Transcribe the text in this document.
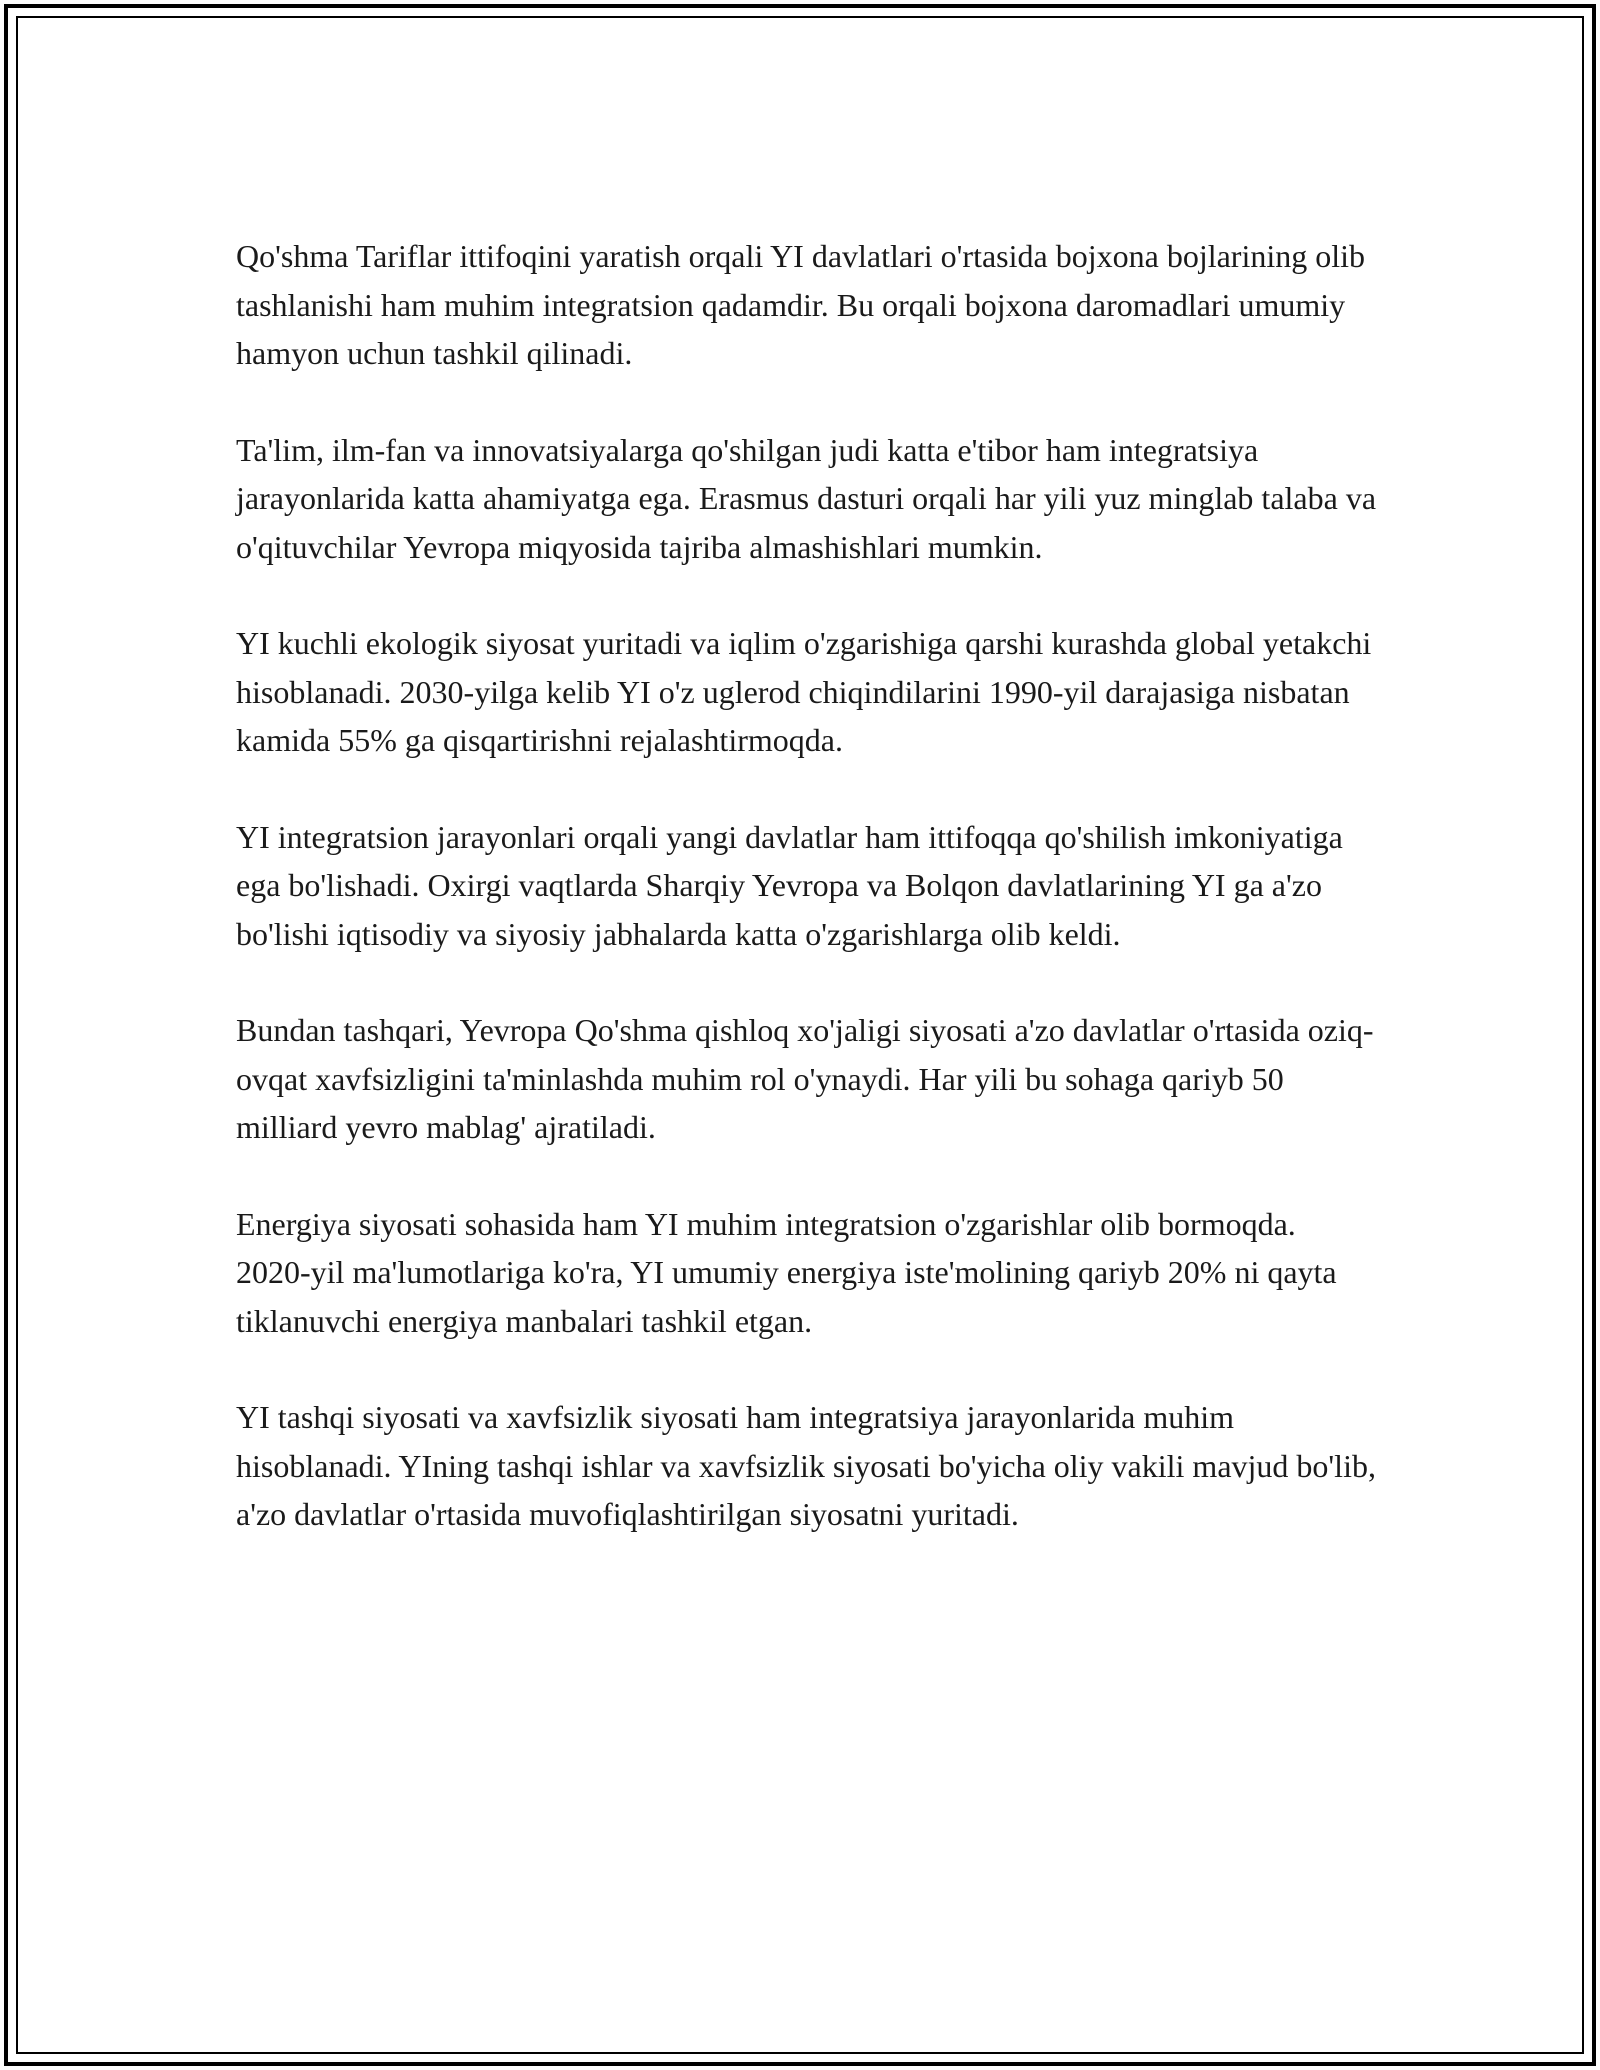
Qo'shma Tariflar ittifoqini yaratish orqali YI davlatlari o'rtasida bojxona bojlarining olib tashlanishi ham muhim integratsion qadamdir. Bu orqali bojxona daromadlari umumiy hamyon uchun tashkil qilinadi.

Ta'lim, ilm-fan va innovatsiyalarga qo'shilgan judi katta e'tibor ham integratsiya jarayonlarida katta ahamiyatga ega. Erasmus dasturi orqali har yili yuz minglab talaba va o'qituvchilar Yevropa miqyosida tajriba almashishlari mumkin.

YI kuchli ekologik siyosat yuritadi va iqlim o'zgarishiga qarshi kurashda global yetakchi hisoblanadi. 2030-yilga kelib YI o'z uglerod chiqindilarini 1990-yil darajasiga nisbatan kamida 55% ga qisqartirishni rejalashtirmoqda.

YI integratsion jarayonlari orqali yangi davlatlar ham ittifoqqa qo'shilish imkoniyatiga ega bo'lishadi. Oxirgi vaqtlarda Sharqiy Yevropa va Bolqon davlatlarining YI ga a'zo bo'lishi iqtisodiy va siyosiy jabhalarda katta o'zgarishlarga olib keldi.

Bundan tashqari, Yevropa Qo'shma qishloq xo'jaligi siyosati a'zo davlatlar o'rtasida oziq-ovqat xavfsizligini ta'minlashda muhim rol o'ynaydi. Har yili bu sohaga qariyb 50 milliard yevro mablag' ajratiladi.

Energiya siyosati sohasida ham YI muhim integratsion o'zgarishlar olib bormoqda. 2020-yil ma'lumotlariga ko'ra, YI umumiy energiya iste'molining qariyb 20% ni qayta tiklanuvchi energiya manbalari tashkil etgan.

YI tashqi siyosati va xavfsizlik siyosati ham integratsiya jarayonlarida muhim hisoblanadi. YIning tashqi ishlar va xavfsizlik siyosati bo'yicha oliy vakili mavjud bo'lib, a'zo davlatlar o'rtasida muvofiqlashtirilgan siyosatni yuritadi.
